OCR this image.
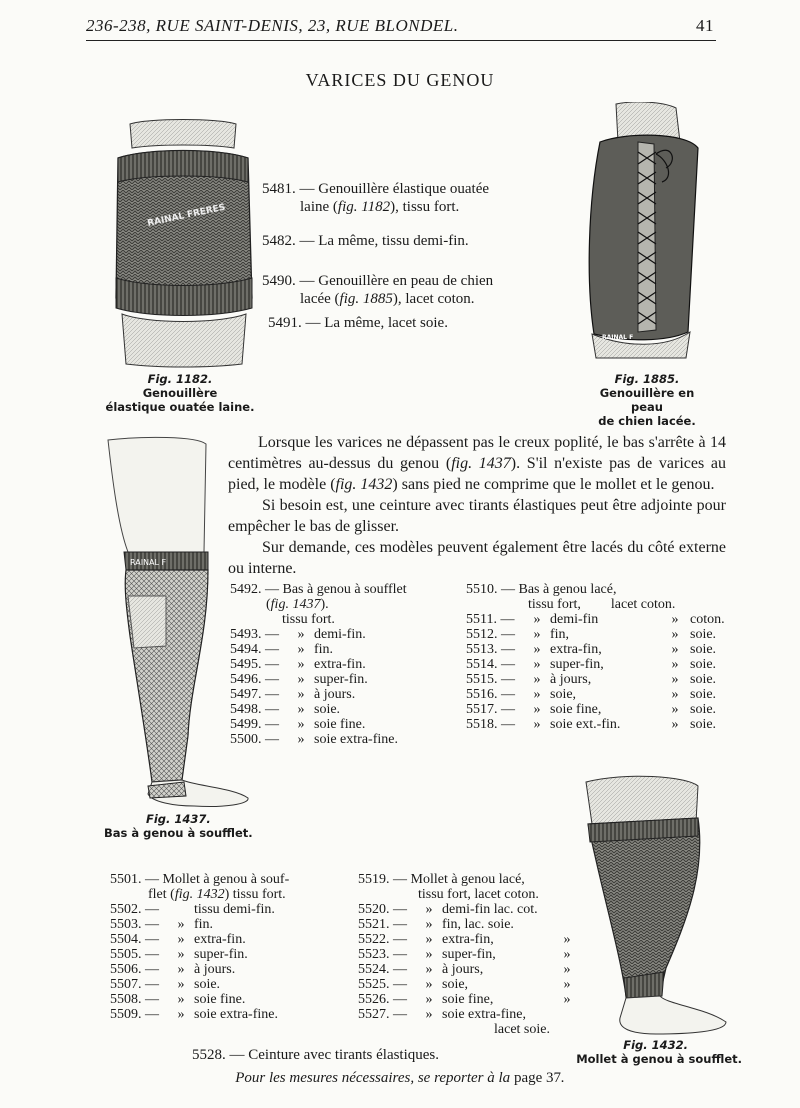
236-238, RUE SAINT-DENIS, 23, RUE BLONDEL.	41
VARICES DU GENOU
RAINAL FRERES
5481. — Genouillère élastique ouatée
laine (fig. 1182), tissu fort.
5482. — La même, tissu demi-fin.
5490. — Genouillère en peau de chien
lacée (fig. 1885), lacet coton.
5491. — La même, lacet soie.
RAINAL F
Fig. 1182.
Genouillère
élastique ouatée laine.
Fig. 1885.
Genouillère en peau
de chien lacée.

Lorsque les varices ne dépassent pas le creux poplité, le bas s'arrête à 14 centimètres au-dessus du genou (fig. 1437). S'il n'existe pas de varices au pied, le modèle (fig. 1432) sans pied ne comprime que le mollet et le genou.

Si besoin est, une ceinture avec tirants élastiques peut être adjointe pour empêcher le bas de glisser.

Sur demande, ces modèles peuvent également être lacés du côté externe ou interne.

RAINAL F
Fig. 1437.
Bas à genou à soufflet.
5492. — Bas à genou à soufflet
(fig. 1437).
tissu fort.
5493. — » demi-fin.
5494. — » fin.
5495. — » extra-fin.
5496. — » super-fin.
5497. — » à jours.
5498. — » soie.
5499. — » soie fine.
5500. — » soie extra-fine.
5510. — Bas à genou lacé,
tissu fort, lacet coton.
5511. — » demi-fin	» coton.
5512. — » fin,	» soie.
5513. — » extra-fin,	» soie.
5514. — » super-fin,	» soie.
5515. — » à jours,	» soie.
5516. — » soie,	» soie.
5517. — » soie fine,	» soie.
5518. — » soie ext.-fin.	» soie.
Fig. 1432.
Mollet à genou à soufflet.
5501. — Mollet à genou à souf-
flet (fig. 1432) tissu fort.
5502. —	tissu demi-fin.
5503. — » fin.
5504. — » extra-fin.
5505. — » super-fin.
5506. — » à jours.
5507. — » soie.
5508. — » soie fine.
5509. — » soie extra-fine.
5519. — Mollet à genou lacé,
tissu fort, lacet coton.
5520. — » demi-fin lac. cot.
5521. — » fin, lac. soie.
5522. — » extra-fin,	»
5523. — » super-fin,	»
5524. — » à jours,	»
5525. — » soie,	»
5526. — » soie fine,	»
5527. — » soie extra-fine,
lacet soie.
5528. — Ceinture avec tirants élastiques.
Pour les mesures nécessaires, se reporter à la page 37.
